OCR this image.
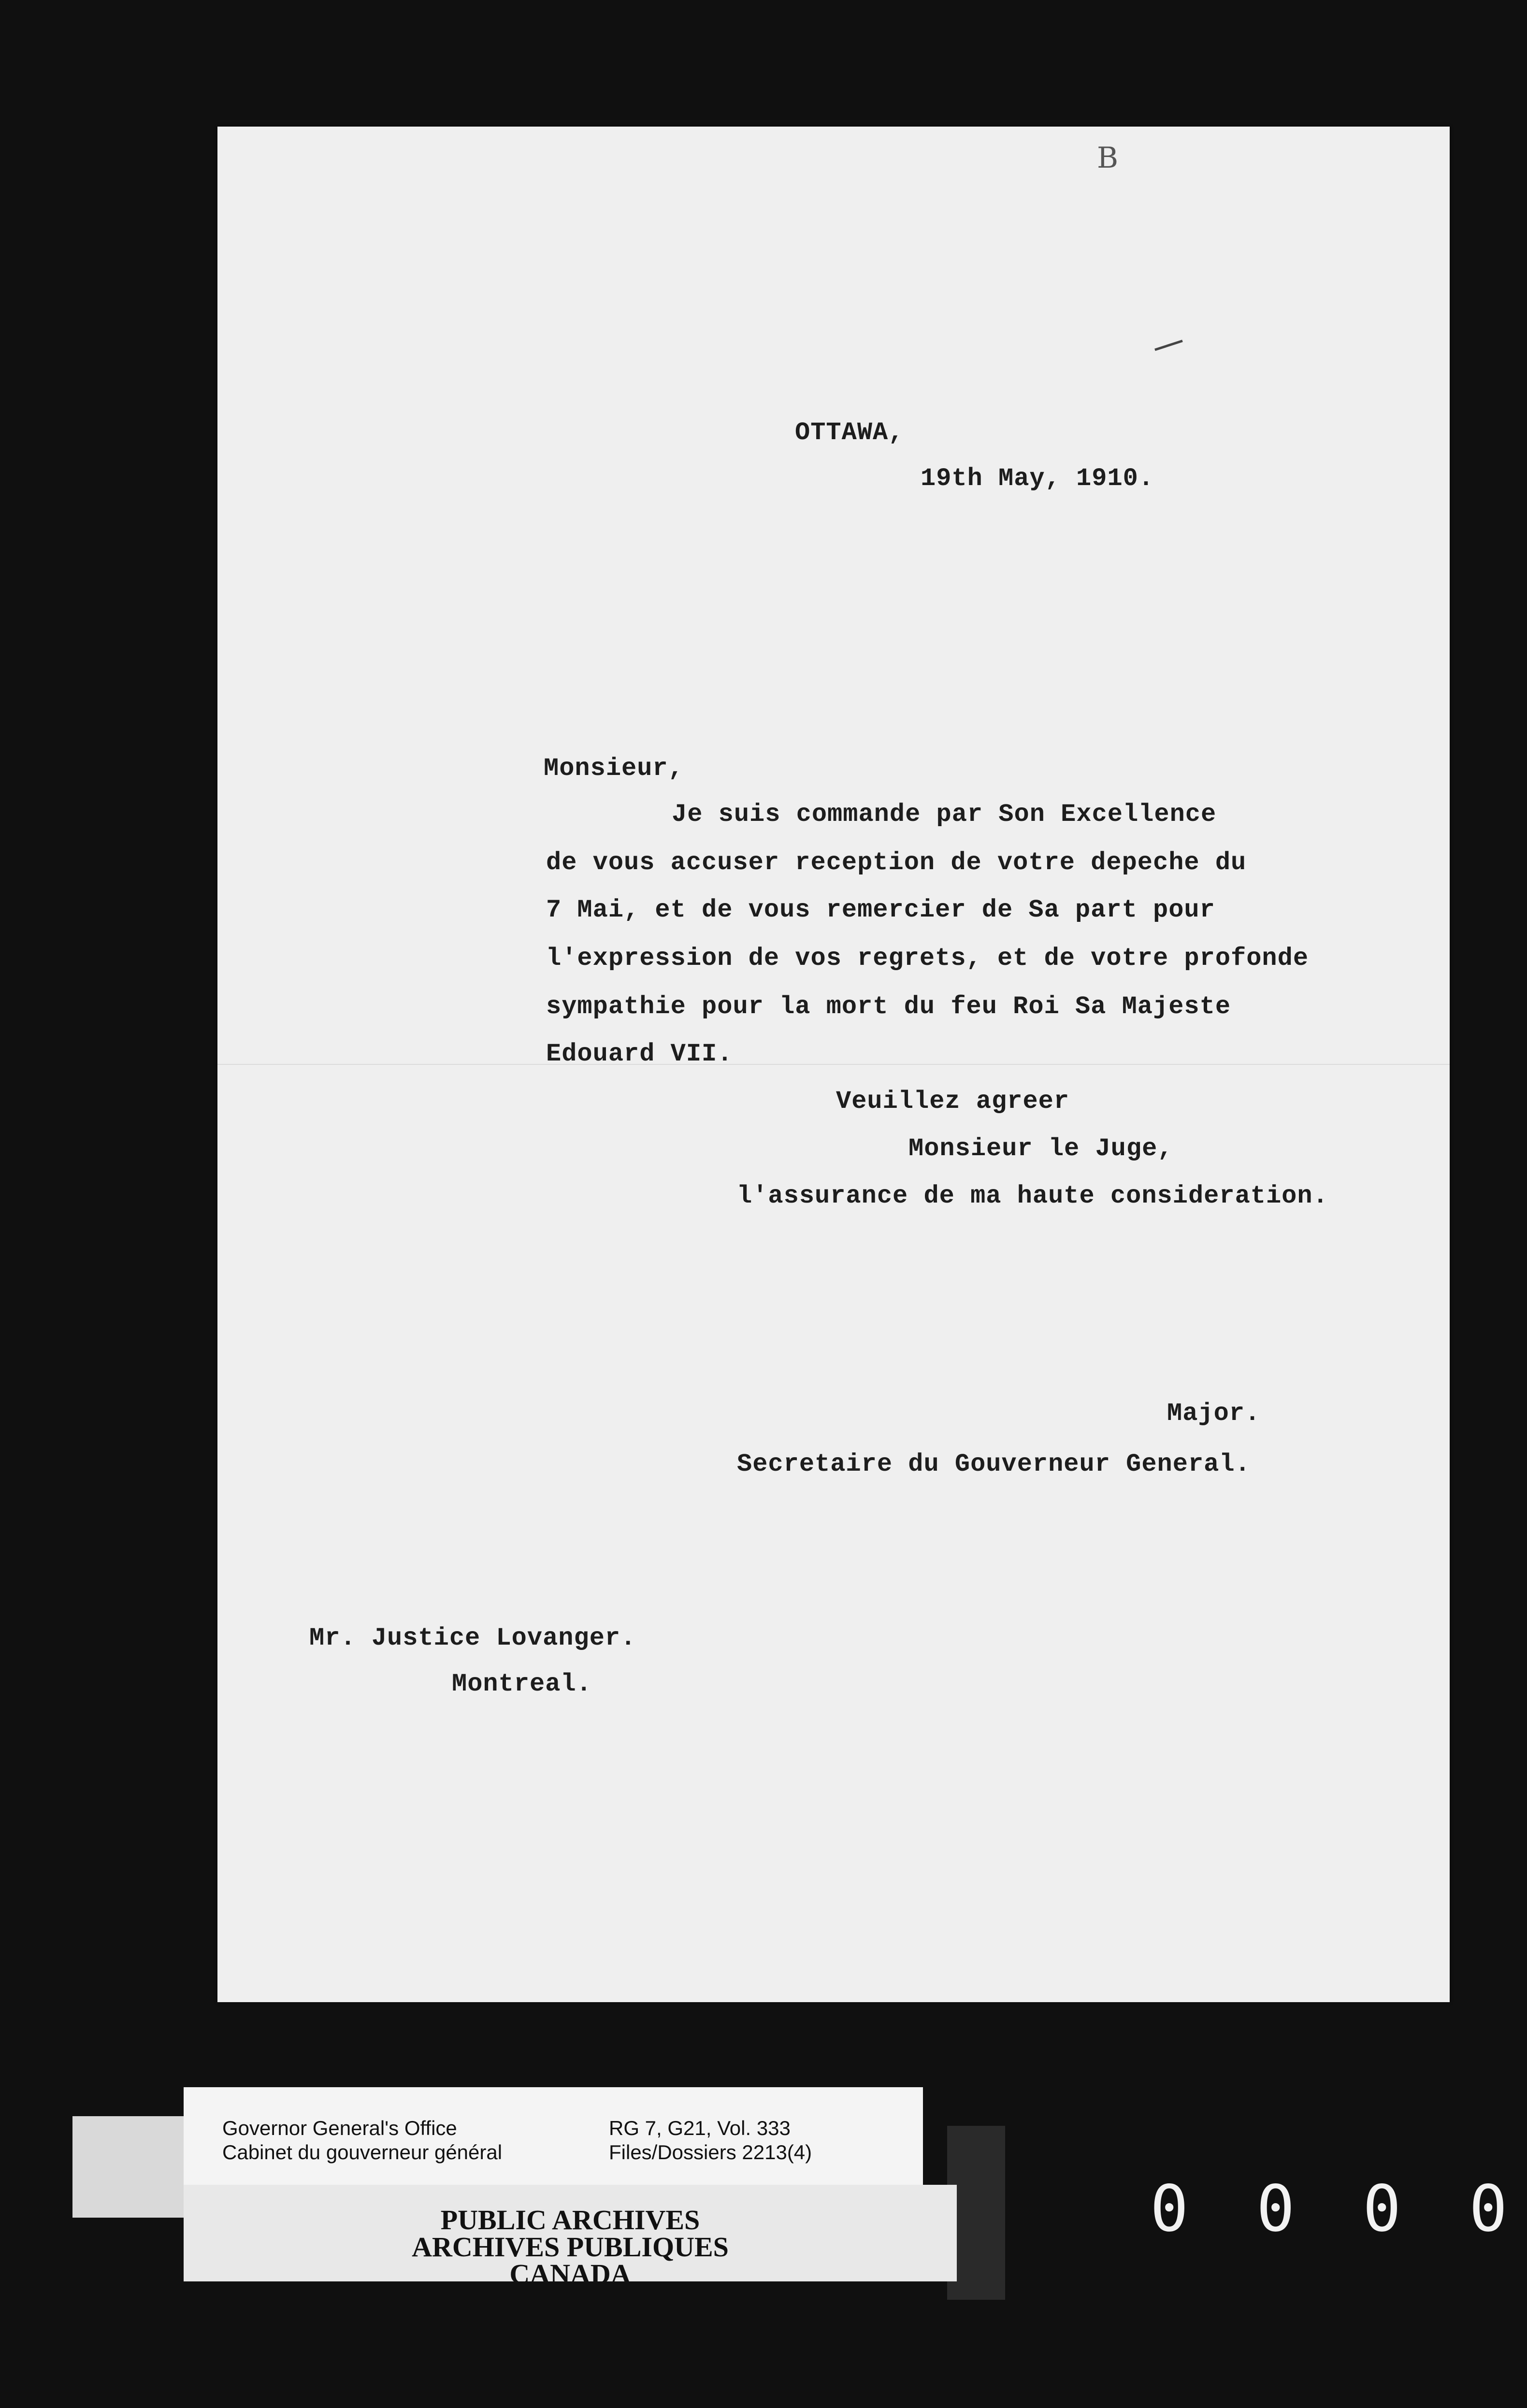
B
OTTAWA,
19th May, 1910.
Monsieur,
Je suis commande par Son Excellence
de vous accuser reception de votre depeche du
7 Mai, et de vous remercier de Sa part pour
l'expression de vos regrets, et de votre profonde
sympathie pour la mort du feu Roi Sa Majeste
Edouard VII.
Veuillez agreer
Monsieur le Juge,
l'assurance de ma haute consideration.
Major.
Secretaire du Gouverneur General.
Mr. Justice Lovanger.
Montreal.
Governor General's Office
Cabinet du gouverneur général
RG 7, G21, Vol. 333
Files/Dossiers 2213(4)
PUBLIC ARCHIVES
ARCHIVES PUBLIQUES
CANADA
0 0 0 0
